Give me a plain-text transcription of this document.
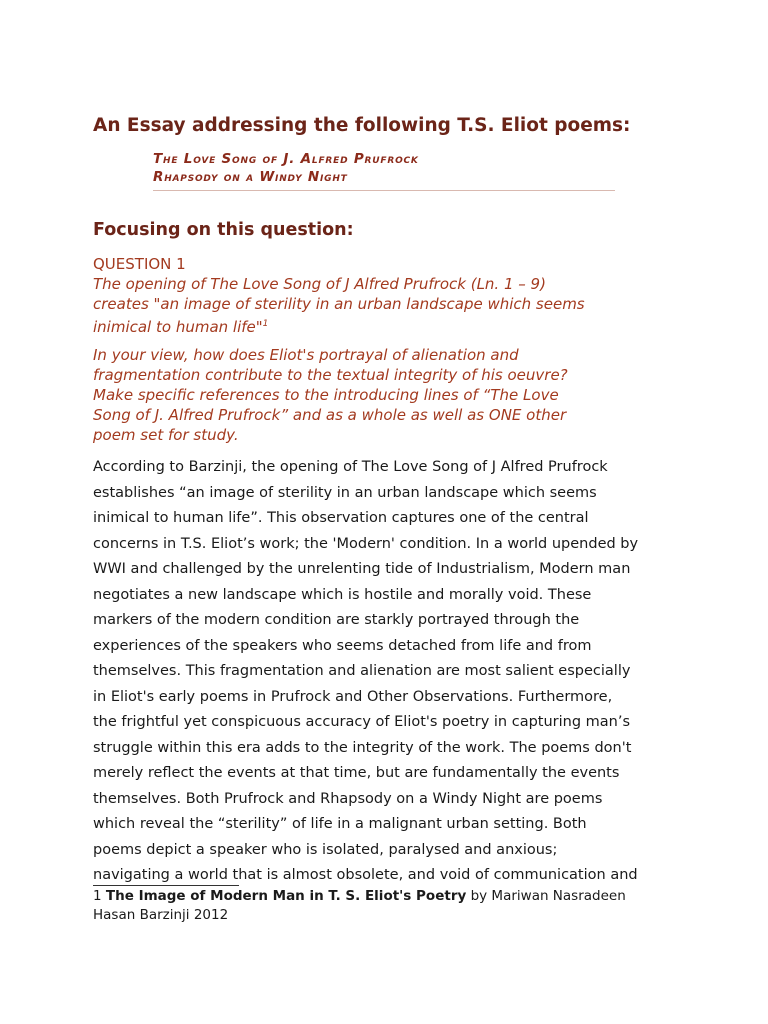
An Essay addressing the following T.S. Eliot poems:
The Love Song of J. Alfred Prufrock
Rhapsody on a Windy Night
Focusing on this question:
QUESTION 1
The opening of The Love Song of J Alfred Prufrock (Ln. 1 – 9)
creates "an image of sterility in an urban landscape which seems
inimical to human life"$^1$
In your view, how does Eliot's portrayal of alienation and
fragmentation contribute to the textual integrity of his oeuvre?
Make specific references to the introducing lines of “The Love
Song of J. Alfred Prufrock” and as a whole as well as ONE other
poem set for study.
According to Barzinji, the opening of The Love Song of J Alfred Prufrock
establishes “an image of sterility in an urban landscape which seems
inimical to human life”. This observation captures one of the central
concerns in T.S. Eliot’s work; the 'Modern' condition. In a world upended by
WWI and challenged by the unrelenting tide of Industrialism, Modern man
negotiates a new landscape which is hostile and morally void. These
markers of the modern condition are starkly portrayed through the
experiences of the speakers who seems detached from life and from
themselves. This fragmentation and alienation are most salient especially
in Eliot's early poems in Prufrock and Other Observations. Furthermore,
the frightful yet conspicuous accuracy of Eliot's poetry in capturing man’s
struggle within this era adds to the integrity of the work. The poems don't
merely reflect the events at that time, but are fundamentally the events
themselves. Both Prufrock and Rhapsody on a Windy Night are poems
which reveal the “sterility” of life in a malignant urban setting. Both
poems depict a speaker who is isolated, paralysed and anxious;
navigating a world that is almost obsolete, and void of communication and
1 The Image of Modern Man in T. S. Eliot's Poetry by Mariwan Nasradeen
Hasan Barzinji 2012
